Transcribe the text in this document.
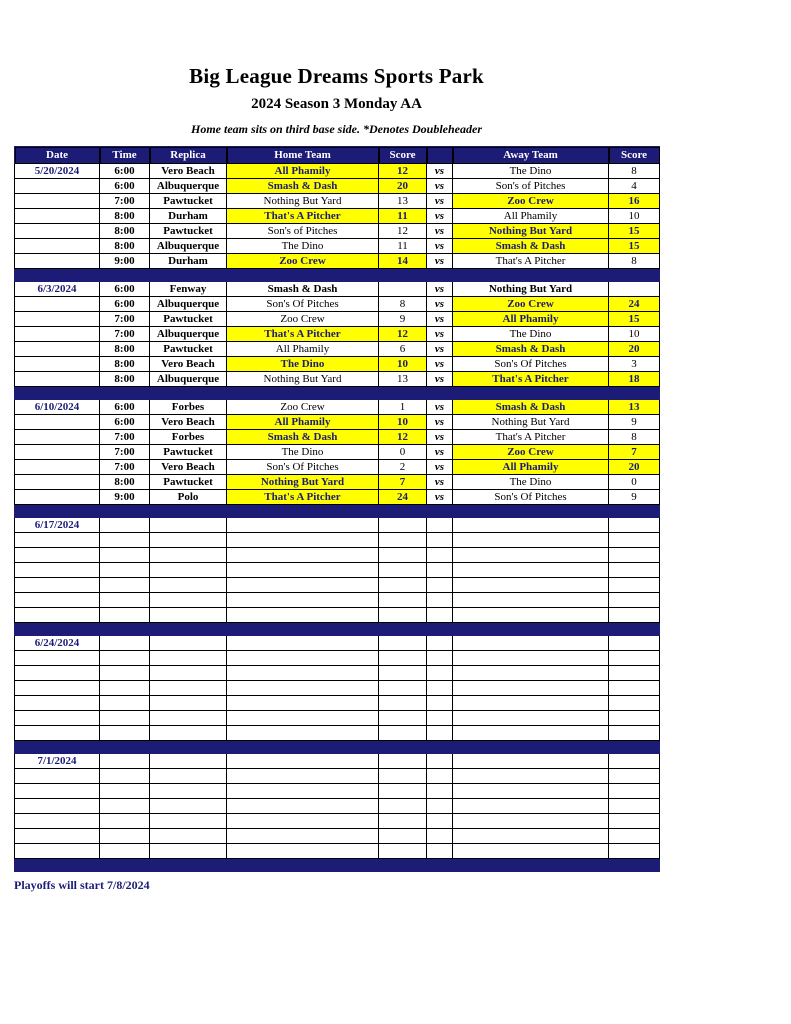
Big League Dreams Sports Park
2024 Season 3 Monday AA
Home team sits on third base side. *Denotes Doubleheader
Date	Time	Replica	Home Team	Score		Away Team	Score
5/20/2024	6:00	Vero Beach	All Phamily	12	vs	The Dino	8
	6:00	Albuquerque	Smash & Dash	20	vs	Son's of Pitches	4
	7:00	Pawtucket	Nothing But Yard	13	vs	Zoo Crew	16
	8:00	Durham	That's A Pitcher	11	vs	All Phamily	10
	8:00	Pawtucket	Son's of Pitches	12	vs	Nothing But Yard	15
	8:00	Albuquerque	The Dino	11	vs	Smash & Dash	15
	9:00	Durham	Zoo Crew	14	vs	That's A Pitcher	8

6/3/2024	6:00	Fenway	Smash & Dash		vs	Nothing But Yard	
	6:00	Albuquerque	Son's Of Pitches	8	vs	Zoo Crew	24
	7:00	Pawtucket	Zoo Crew	9	vs	All Phamily	15
	7:00	Albuquerque	That's A Pitcher	12	vs	The Dino	10
	8:00	Pawtucket	All Phamily	6	vs	Smash & Dash	20
	8:00	Vero Beach	The Dino	10	vs	Son's Of Pitches	3
	8:00	Albuquerque	Nothing But Yard	13	vs	That's A Pitcher	18

6/10/2024	6:00	Forbes	Zoo Crew	1	vs	Smash & Dash	13
	6:00	Vero Beach	All Phamily	10	vs	Nothing But Yard	9
	7:00	Forbes	Smash & Dash	12	vs	That's A Pitcher	8
	7:00	Pawtucket	The Dino	0	vs	Zoo Crew	7
	7:00	Vero Beach	Son's Of Pitches	2	vs	All Phamily	20
	8:00	Pawtucket	Nothing But Yard	7	vs	The Dino	0
	9:00	Polo	That's A Pitcher	24	vs	Son's Of Pitches	9

6/17/2024							

6/24/2024							

7/1/2024							

Playoffs will start 7/8/2024
